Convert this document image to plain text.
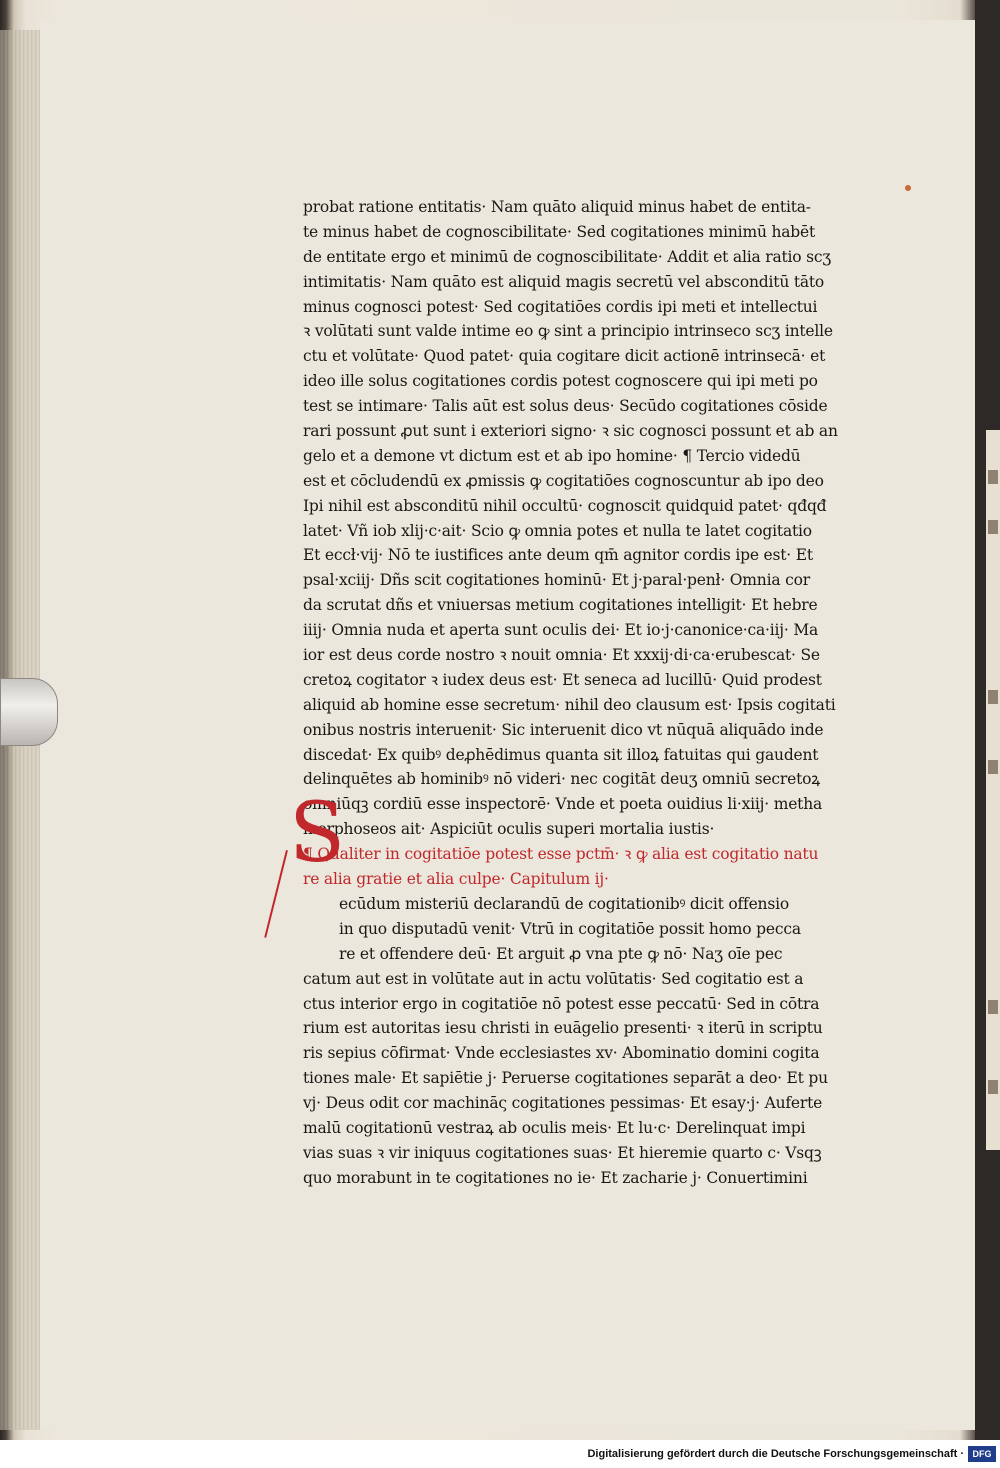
probat ratione entitatis· Nam quāto aliquid minus habet de entita-
te minus habet de cognoscibilitate· Sed cogitationes minimū habēt
de entitate ergo et minimū de cognoscibilitate· Addit et alia ratio scʒ
intimitatis· Nam quāto est aliquid magis secretū vel absconditū tāto
minus cognosci potest· Sed cogitatiōes cordis ipi meti et intellectui
ꝛ volūtati sunt valde intime eo ꝙ sint a principio intrinseco scʒ intelle
ctu et volūtate· Quod patet· quia cogitare dicit actionē intrinsecā· et
ideo ille solus cogitationes cordis potest cognoscere qui ipi meti po
test se intimare· Talis aūt est solus deus· Secūdo cogitationes cōside
rari possunt ꝓut sunt i exteriori signo· ꝛ sic cognosci possunt et ab an
gelo et a demone vt dictum est et ab ipo homine· ¶ Tercio videdū
est et cōcludendū ex ꝓmissis ꝙ cogitatiōes cognoscuntur ab ipo deo
Ipi nihil est absconditū nihil occultū· cognoscit quidquid patet· qđqđ
latet· Vñ iob xlij·c·ait· Scio ꝙ omnia potes et nulla te latet cogitatio
Et eccł·vij· Nō te iustifices ante deum qm̄ agnitor cordis ipe est· Et
psal·xciij· Dñs scit cogitationes hominū· Et j·paral·penł· Omnia cor
da scrutat dñs et vniuersas metium cogitationes intelligit· Et hebre
iiij· Omnia nuda et aperta sunt oculis dei· Et io·j·canonice·ca·iij· Ma
ior est deus corde nostro ꝛ nouit omnia· Et xxxij·di·ca·erubescat· Se
cretoꝝ cogitator ꝛ iudex deus est· Et seneca ad lucillū· Quid prodest
aliquid ab homine esse secretum· nihil deo clausum est· Ipsis cogitati
onibus nostris interuenit· Sic interuenit dico vt nūquā aliquādo inde
discedat· Ex quibꝰ deꝓhēdimus quanta sit illoꝝ fatuitas qui gaudent
delinquētes ab hominibꝰ nō videri· nec cogitāt deuʒ omniū secretoꝝ
omniūqꝫ cordiū esse inspectorē· Vnde et poeta ouidius li·xiij· metha
morphoseos ait· Aspiciūt oculis superi mortalia iustis·
¶ Qualiter in cogitatiōe potest esse pctm̄· ꝛ ꝙ alia est cogitatio natu
re alia gratie et alia culpe· Capitulum ij·
ecūdum misteriū declarandū de cogitationibꝰ dicit offensio
in quo disputadū venit· Vtrū in cogitatiōe possit homo pecca
re et offendere deū· Et arguit ꝓ vna pte ꝙ nō· Naʒ oīe pec
catum aut est in volūtate aut in actu volūtatis· Sed cogitatio est a
ctus interior ergo in cogitatiōe nō potest esse peccatū· Sed in cōtra
rium est autoritas iesu christi in euāgelio presenti· ꝛ iterū in scriptu
ris sepius cōfirmat· Vnde ecclesiastes xv· Abominatio domini cogita
tiones male· Et sapiētie j· Peruerse cogitationes separāt a deo· Et pu
vj· Deus odit cor machināς cogitationes pessimas· Et esay·j· Auferte
malū cogitationū vestraꝝ ab oculis meis· Et lu·c· Derelinquat impi
vias suas ꝛ vir iniquus cogitationes suas· Et hieremie quarto c· Vsqꝫ
quo morabunt in te cogitationes no ie· Et zacharie j· Conuertimini
S
Digitalisierung gefördert durch die Deutsche Forschungsgemeinschaft · DFG
